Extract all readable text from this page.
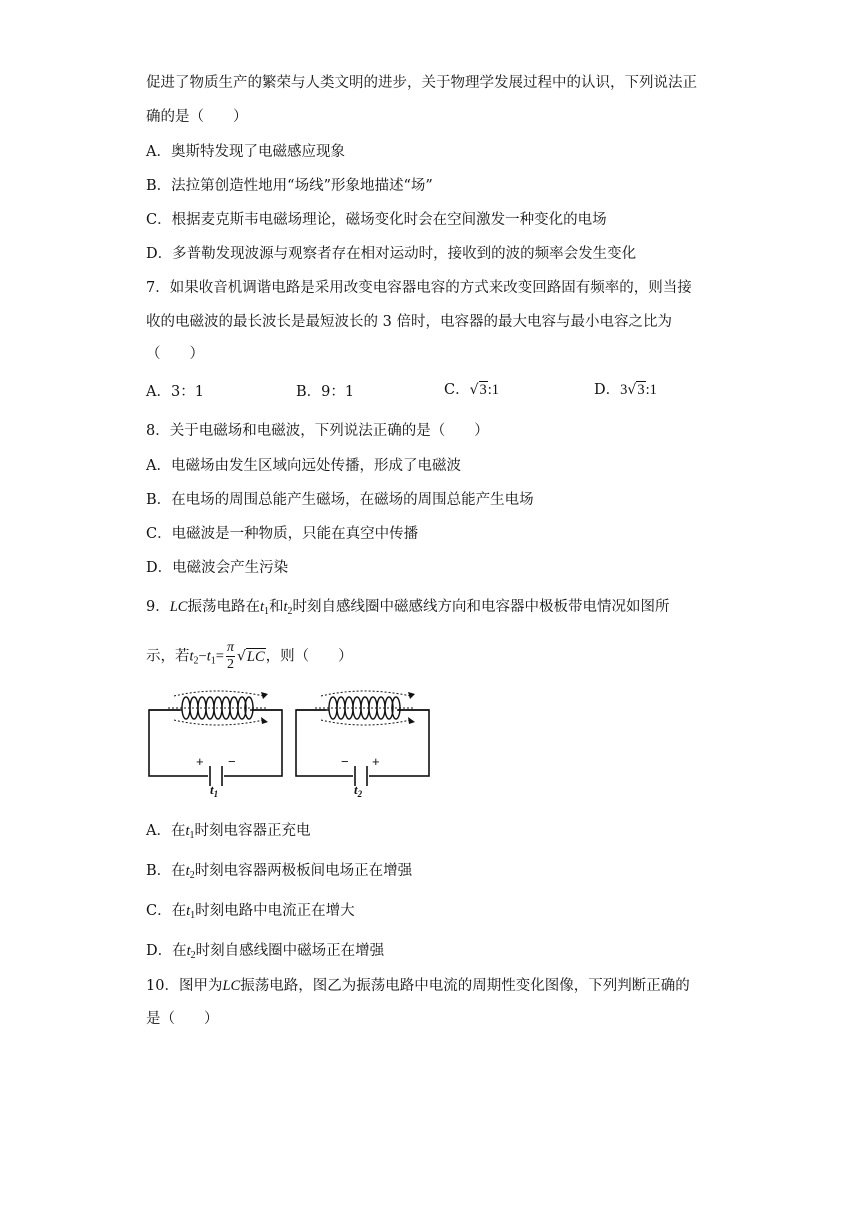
促进了物质生产的繁荣与人类文明的进步，关于物理学发展过程中的认识，下列说法正
确的是（　　）
A．奥斯特发现了电磁感应现象
B．法拉第创造性地用“场线”形象地描述“场”
C．根据麦克斯韦电磁场理论，磁场变化时会在空间激发一种变化的电场
D．多普勒发现波源与观察者存在相对运动时，接收到的波的频率会发生变化
7．如果收音机调谐电路是采用改变电容器电容的方式来改变回路固有频率的，则当接
收的电磁波的最长波长是最短波长的 3 倍时，电容器的最大电容与最小电容之比为
（　　）
A．3：1	B．9：1	C．√3:1	D．3√3:1
8．关于电磁场和电磁波，下列说法正确的是（　　）
A．电磁场由发生区域向远处传播，形成了电磁波
B．在电场的周围总能产生磁场，在磁场的周围总能产生电场
C．电磁波是一种物质，只能在真空中传播
D．电磁波会产生污染
9．LC振荡电路在$t_1$和$t_2$时刻自感线圈中磁感线方向和电容器中极板带电情况如图所
示，若$t_2-t_1= \frac{\pi}{2} √LC$，则（　　）
+ −	− +
$t_1$	$t_2$
A．在$t_1$时刻电容器正充电
B．在$t_2$时刻电容器两极板间电场正在增强
C．在$t_1$时刻电路中电流正在增大
D．在$t_2$时刻自感线圈中磁场正在增强
10．图甲为LC振荡电路，图乙为振荡电路中电流的周期性变化图像，下列判断正确的
是（　　）
